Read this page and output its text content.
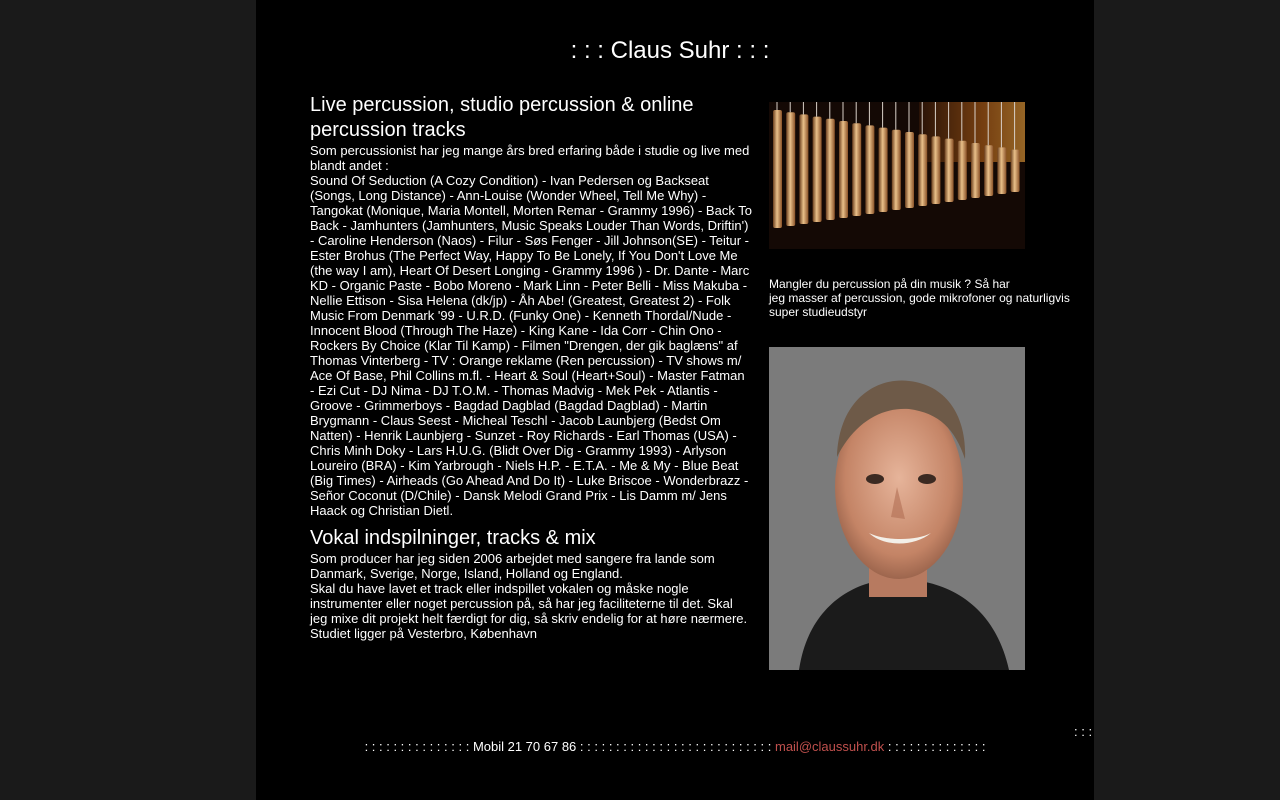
: : : Claus Suhr : : :
Live percussion, studio percussion & online percussion tracks

Som percussionist har jeg mange års bred erfaring både i studie og live med blandt andet :

Sound Of Seduction (A Cozy Condition) - Ivan Pedersen og Backseat (Songs, Long Distance) - Ann-Louise (Wonder Wheel, Tell Me Why) - Tangokat (Monique, Maria Montell, Morten Remar - Grammy 1996) - Back To Back - Jamhunters (Jamhunters, Music Speaks Louder Than Words, Driftin') - Caroline Henderson (Naos) - Filur - Søs Fenger - Jill Johnson(SE) - Teitur - Ester Brohus (The Perfect Way, Happy To Be Lonely, If You Don't Love Me (the way I am), Heart Of Desert Longing - Grammy 1996 ) - Dr. Dante - Marc KD - Organic Paste - Bobo Moreno - Mark Linn - Peter Belli - Miss Makuba - Nellie Ettison - Sisa Helena (dk/jp) - Åh Abe! (Greatest, Greatest 2) - Folk Music From Denmark '99 - U.R.D. (Funky One) - Kenneth Thordal/Nude - Innocent Blood (Through The Haze) - King Kane - Ida Corr - Chin Ono - Rockers By Choice (Klar Til Kamp) - Filmen "Drengen, der gik baglæns" af Thomas Vinterberg - TV : Orange reklame (Ren percussion) - TV shows m/ Ace Of Base, Phil Collins m.fl. - Heart & Soul (Heart+Soul) - Master Fatman - Ezi Cut - DJ Nima - DJ T.O.M. - Thomas Madvig - Mek Pek - Atlantis - Groove - Grimmerboys - Bagdad Dagblad (Bagdad Dagblad) - Martin Brygmann - Claus Seest - Micheal Teschl - Jacob Launbjerg (Bedst Om Natten) - Henrik Launbjerg - Sunzet - Roy Richards - Earl Thomas (USA) - Chris Minh Doky - Lars H.U.G. (Blidt Over Dig - Grammy 1993) - Arlyson Loureiro (BRA) - Kim Yarbrough - Niels H.P. - E.T.A. - Me & My - Blue Beat (Big Times) - Airheads (Go Ahead And Do It) - Luke Briscoe - Wonderbrazz - Señor Coconut (D/Chile) - Dansk Melodi Grand Prix - Lis Damm m/ Jens Haack og Christian Dietl.

Vokal indspilninger, tracks & mix

Som producer har jeg siden 2006 arbejdet med sangere fra lande som Danmark, Sverige, Norge, Island, Holland og England.

Skal du have lavet et track eller indspillet vokalen og måske nogle instrumenter eller noget percussion på, så har jeg faciliteterne til det. Skal jeg mixe dit projekt helt færdigt for dig, så skriv endelig for at høre nærmere.

Studiet ligger på Vesterbro, København

Mangler du percussion på din musik ? Så har
jeg masser af percussion, gode mikrofoner og naturligvis
super studieudstyr
: : :
: : : : : : : : : : : : : : : Mobil 21 70 67 86 : : : : : : : : : : : : : : : : : : : : : : : : : : : mail@claussuhr.dk : : : : : : : : : : : : : :
